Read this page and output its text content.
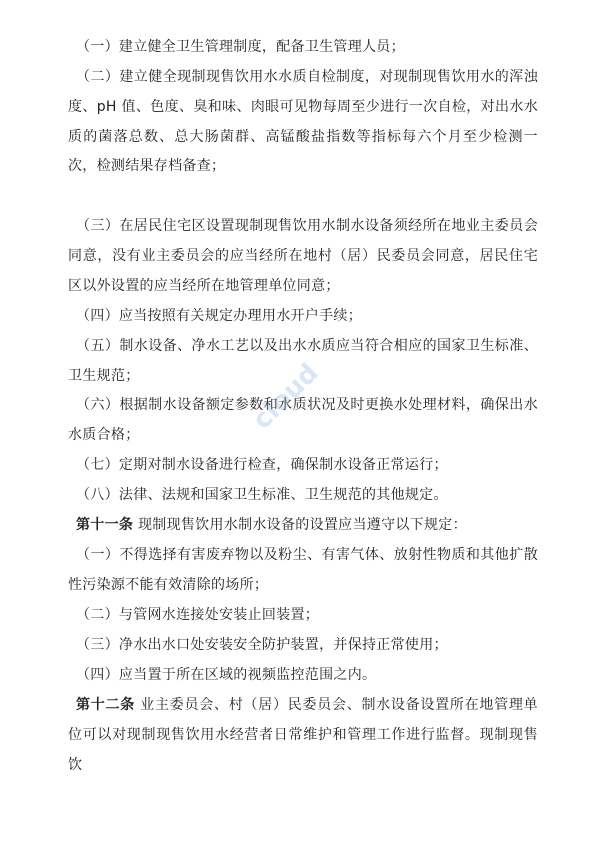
（一）建立健全卫生管理制度，配备卫生管理人员；

（二）建立健全现制现售饮用水水质自检制度，对现制现售饮用水的浑浊度、pH 值、色度、臭和味、肉眼可见物每周至少进行一次自检，对出水水质的菌落总数、总大肠菌群、高锰酸盐指数等指标每六个月至少检测一次，检测结果存档备查；

（三）在居民住宅区设置现制现售饮用水制水设备须经所在地业主委员会同意，没有业主委员会的应当经所在地村（居）民委员会同意，居民住宅区以外设置的应当经所在地管理单位同意；

（四）应当按照有关规定办理用水开户手续；

（五）制水设备、净水工艺以及出水水质应当符合相应的国家卫生标准、卫生规范；

（六）根据制水设备额定参数和水质状况及时更换水处理材料，确保出水水质合格；

（七）定期对制水设备进行检查，确保制水设备正常运行；

（八）法律、法规和国家卫生标准、卫生规范的其他规定。

第十一条 现制现售饮用水制水设备的设置应当遵守以下规定：

（一）不得选择有害废弃物以及粉尘、有害气体、放射性物质和其他扩散性污染源不能有效清除的场所；

（二）与管网水连接处安装止回装置；

（三）净水出水口处安装安全防护装置，并保持正常使用；

（四）应当置于所在区域的视频监控范围之内。

第十二条 业主委员会、村（居）民委员会、制水设备设置所在地管理单位可以对现制现售饮用水经营者日常维护和管理工作进行监督。现制现售饮

cloud
